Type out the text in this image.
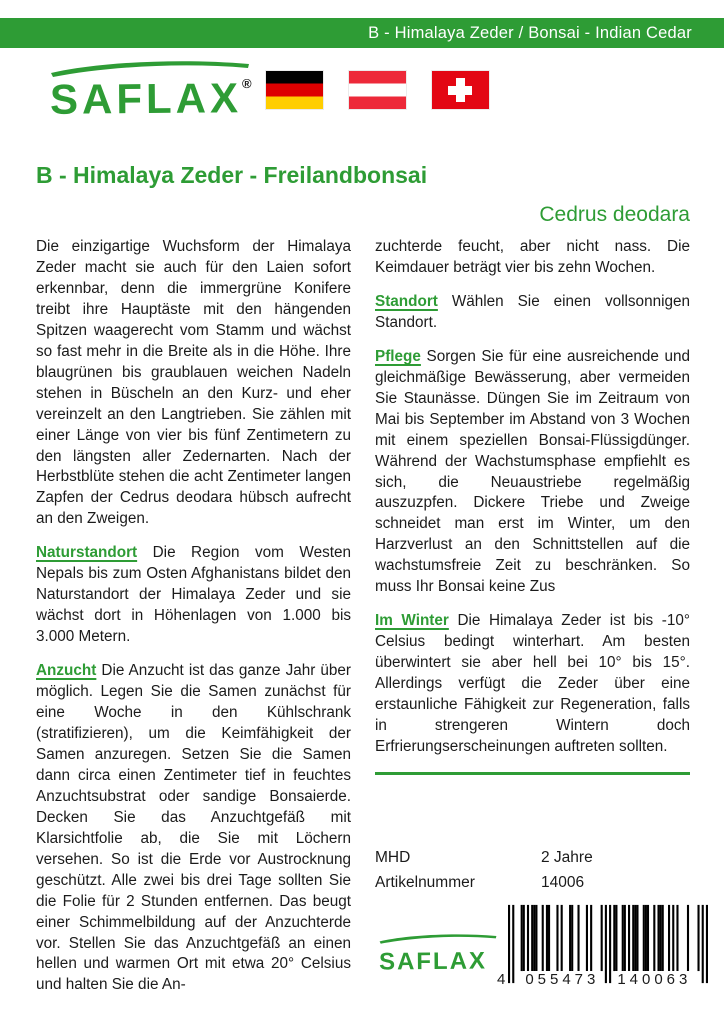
B - Himalaya Zeder / Bonsai - Indian Cedar
SAFLAX®
B - Himalaya Zeder - Freilandbonsai
Cedrus deodara

Die einzigartige Wuchsform der Himalaya Zeder macht sie auch für den Laien sofort erkennbar, denn die immergrüne Konifere treibt ihre Hauptäste mit den hängenden Spitzen waagerecht vom Stamm und wächst so fast mehr in die Breite als in die Höhe. Ihre blaugrünen bis graublauen weichen Nadeln stehen in Büscheln an den Kurz- und eher vereinzelt an den Langtrieben. Sie zählen mit einer Länge von vier bis fünf Zentimetern zu den längsten aller Zedernarten. Nach der Herbstblüte stehen die acht Zentimeter langen Zapfen der Cedrus deodara hübsch aufrecht an den Zweigen.

Naturstandort Die Region vom Westen Nepals bis zum Osten Afghanistans bildet den Naturstandort der Himalaya Zeder und sie wächst dort in Höhenlagen von 1.000 bis 3.000 Metern.

Anzucht Die Anzucht ist das ganze Jahr über möglich. Legen Sie die Samen zunächst für eine Woche in den Kühlschrank (stratifizieren), um die Keimfähigkeit der Samen anzuregen. Setzen Sie die Samen dann circa einen Zentimeter tief in feuchtes Anzuchtsubstrat oder sandige Bonsaierde. Decken Sie das Anzuchtgefäß mit Klarsichtfolie ab, die Sie mit Löchern versehen. So ist die Erde vor Austrocknung geschützt. Alle zwei bis drei Tage sollten Sie die Folie für 2 Stunden entfernen. Das beugt einer Schimmelbildung auf der Anzuchterde vor. Stellen Sie das Anzuchtgefäß an einen hellen und warmen Ort mit etwa 20° Celsius und halten Sie die An-

zuchterde feucht, aber nicht nass. Die Keimdauer beträgt vier bis zehn Wochen.

Standort Wählen Sie einen vollsonnigen Standort.

Pflege Sorgen Sie für eine ausreichende und gleichmäßige Bewässerung, aber vermeiden Sie Staunässe. Düngen Sie im Zeitraum von Mai bis September im Abstand von 3 Wochen mit einem speziellen Bonsai-Flüssigdünger. Während der Wachstumsphase empfiehlt es sich, die Neuaustriebe regelmäßig auszuzpfen. Dickere Triebe und Zweige schneidet man erst im Winter, um den Harzverlust an den Schnittstellen auf die wachstumsfreie Zeit zu beschränken. So muss Ihr Bonsai keine Zus

Im Winter Die Himalaya Zeder ist bis -10° Celsius bedingt winterhart. Am besten überwintert sie aber hell bei 10° bis 15°. Allerdings verfügt die Zeder über eine erstaunliche Fähigkeit zur Regeneration, falls in strengeren Wintern doch Erfrierungserscheinungen auftreten sollten.

MHD	2 Jahre
Artikelnummer	14006
SAFLAX
4 055473 140063
